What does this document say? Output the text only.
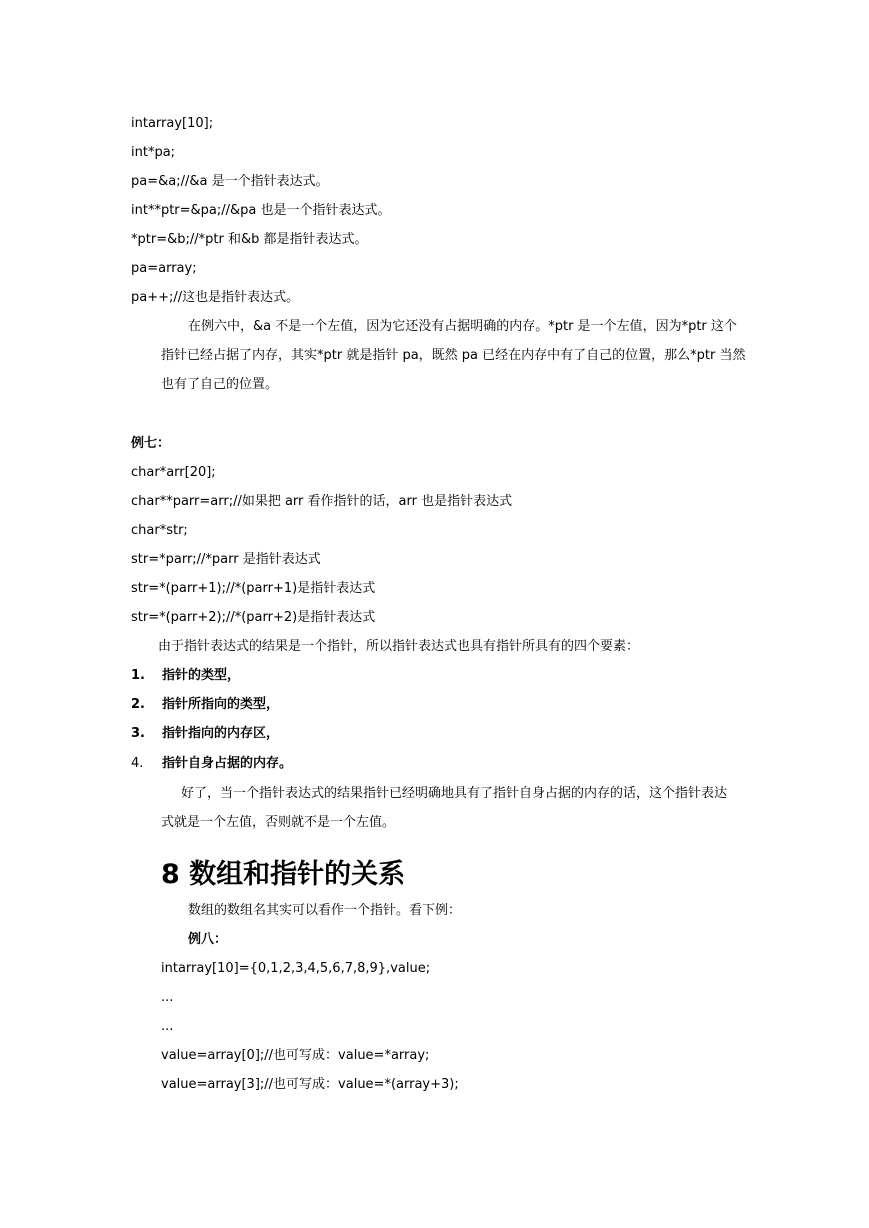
intarray[10];
int*pa;
pa=&a;//&a 是一个指针表达式。
int**ptr=&pa;//&pa 也是一个指针表达式。
*ptr=&b;//*ptr 和&b 都是指针表达式。
pa=array;
pa++;//这也是指针表达式。
在例六中，&a 不是一个左值，因为它还没有占据明确的内存。*ptr 是一个左值，因为*ptr 这个
指针已经占据了内存，其实*ptr 就是指针 pa，既然 pa 已经在内存中有了自己的位置，那么*ptr 当然
也有了自己的位置。
例七：
char*arr[20];
char**parr=arr;//如果把 arr 看作指针的话，arr 也是指针表达式
char*str;
str=*parr;//*parr 是指针表达式
str=*(parr+1);//*(parr+1)是指针表达式
str=*(parr+2);//*(parr+2)是指针表达式
由于指针表达式的结果是一个指针，所以指针表达式也具有指针所具有的四个要素：
1. 指针的类型，
2. 指针所指向的类型，
3. 指针指向的内存区，
4. 指针自身占据的内存。
好了，当一个指针表达式的结果指针已经明确地具有了指针自身占据的内存的话，这个指针表达
式就是一个左值，否则就不是一个左值。
8 数组和指针的关系
数组的数组名其实可以看作一个指针。看下例：
例八：
intarray[10]={0,1,2,3,4,5,6,7,8,9},value;
...
...
value=array[0];//也可写成：value=*array;
value=array[3];//也可写成：value=*(array+3);
